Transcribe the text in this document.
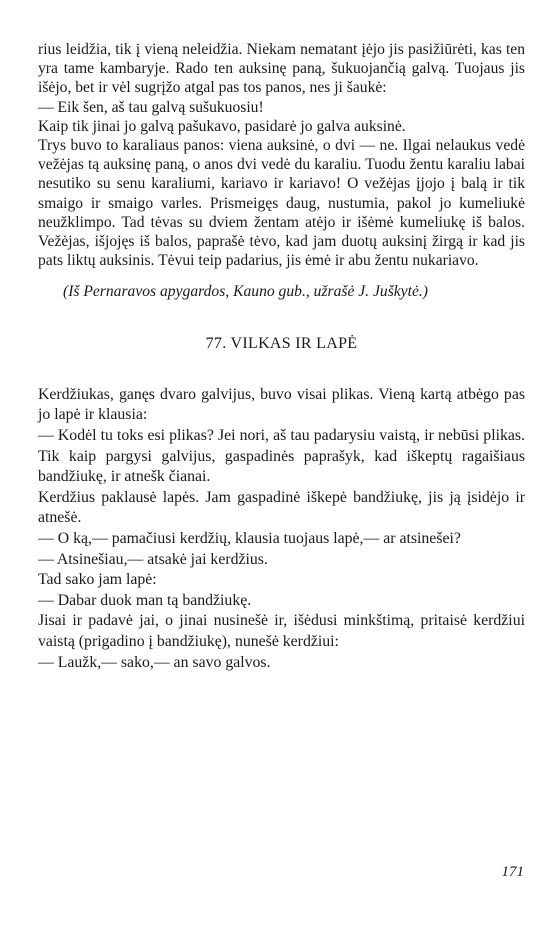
rius leidžia, tik į vieną neleidžia. Niekam nematant įėjo jis pasižiūrėti, kas ten yra tame kambaryje. Rado ten auksinę paną, šukuojančią galvą. Tuojaus jis išėjo, bet ir vėl sugrįžo atgal pas tos panos, nes ji šaukė:

— Eik šen, aš tau galvą sušukuosiu!

Kaip tik jinai jo galvą pašukavo, pasidarė jo galva auksinė.

Trys buvo to karaliaus panos: viena auksinė, o dvi — ne. Ilgai nelaukus vedė vežėjas tą auksinę paną, o anos dvi vedė du karaliu. Tuodu žentu karaliu labai nesutiko su senu karaliumi, kariavo ir kariavo! O vežėjas įjojo į balą ir tik smaigo ir smaigo varles. Prismeigęs daug, nustumia, pakol jo kumeliukė neužklimpo. Tad tėvas su dviem žentam atėjo ir išėmė kumeliukę iš balos. Vežėjas, išjojęs iš balos, paprašė tėvo, kad jam duotų auksinį žirgą ir kad jis pats liktų auksinis. Tėvui teip padarius, jis ėmė ir abu žentu nukariavo.

(Iš Pernaravos apygardos, Kauno gub., užrašė J. Juškytė.)

77. VILKAS IR LAPĖ

Kerdžiukas, ganęs dvaro galvijus, buvo visai plikas. Vieną kartą atbėgo pas jo lapė ir klausia:

— Kodėl tu toks esi plikas? Jei nori, aš tau padarysiu vaistą, ir nebūsi plikas. Tik kaip pargysi galvijus, gaspadinės paprašyk, kad iškeptų ragaišiaus bandžiukę, ir atnešk čianai.

Kerdžius paklausė lapės. Jam gaspadinė iškepė bandžiukę, jis ją įsidėjo ir atnešė.

— O ką,— pamačiusi kerdžių, klausia tuojaus lapė,— ar atsinešei?

— Atsinešiau,— atsakė jai kerdžius.

Tad sako jam lapė:

— Dabar duok man tą bandžiukę.

Jisai ir padavė jai, o jinai nusinešė ir, išėdusi minkštimą, pritaisė kerdžiui vaistą (prigadino į bandžiukę), nunešė kerdžiui:

— Laužk,— sako,— an savo galvos.

171
